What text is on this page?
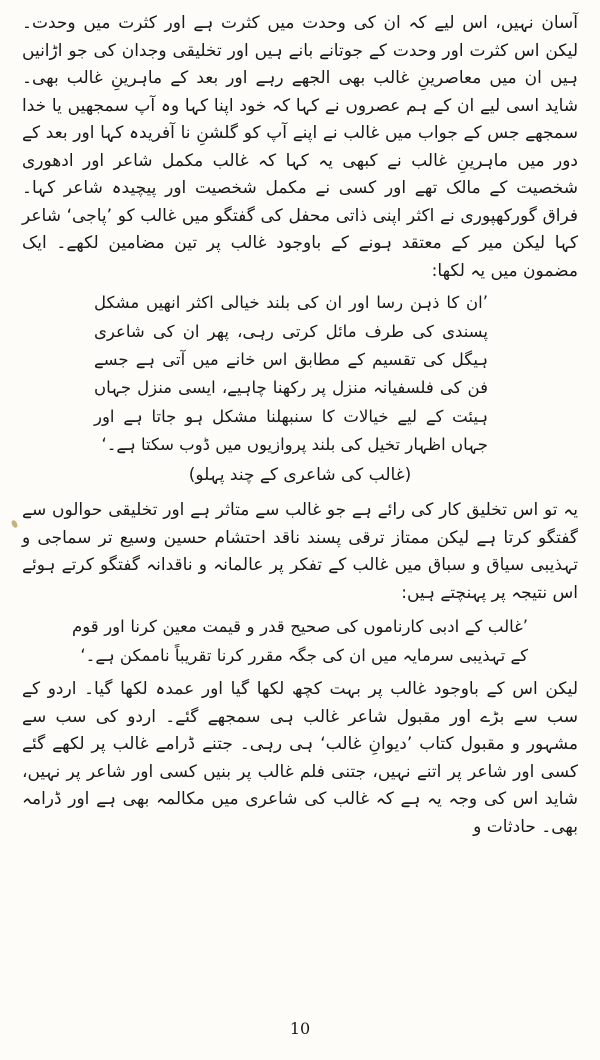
آسان نہیں، اس لیے کہ ان کی وحدت میں کثرت ہے اور کثرت میں وحدت۔ لیکن اس کثرت اور وحدت کے جوتانے بانے ہیں اور تخلیقی وجدان کی جو اڑانیں ہیں ان میں معاصرینِ غالب بھی الجھے رہے اور بعد کے ماہرینِ غالب بھی۔ شاید اسی لیے ان کے ہم عصروں نے کہا کہ خود اپنا کہا وہ آپ سمجھیں یا خدا سمجھے جس کے جواب میں غالب نے اپنے آپ کو گلشنِ نا آفریدہ کہا اور بعد کے دور میں ماہرینِ غالب نے کبھی یہ کہا کہ غالب مکمل شاعر اور ادھوری شخصیت کے مالک تھے اور کسی نے مکمل شخصیت اور پیچیدہ شاعر کہا۔ فراق گورکھپوری نے اکثر اپنی ذاتی محفل کی گفتگو میں غالب کو ’پاجی‘ شاعر کہا لیکن میر کے معتقد ہونے کے باوجود غالب پر تین مضامین لکھے۔ ایک مضمون میں یہ لکھا:

’ان کا ذہن رسا اور ان کی بلند خیالی اکثر انھیں مشکل پسندی کی طرف مائل کرتی رہی، پھر ان کی شاعری ہیگل کی تقسیم کے مطابق اس خانے میں آتی ہے جسے فن کی فلسفیانہ منزل پر رکھنا چاہیے، ایسی منزل جہاں ہیئت کے لیے خیالات کا سنبھلنا مشکل ہو جاتا ہے اور جہاں اظہار تخیل کی بلند پروازیوں میں ڈوب سکتا ہے۔‘

(غالب کی شاعری کے چند پہلو)

یہ تو اس تخلیق کار کی رائے ہے جو غالب سے متاثر ہے اور تخلیقی حوالوں سے گفتگو کرتا ہے لیکن ممتاز ترقی پسند ناقد احتشام حسین وسیع تر سماجی و تہذیبی سیاق و سباق میں غالب کے تفکر پر عالمانہ و ناقدانہ گفتگو کرتے ہوئے اس نتیجہ پر پہنچتے ہیں:

’غالب کے ادبی کارناموں کی صحیح قدر و قیمت معین کرنا اور قوم کے تہذیبی سرمایہ میں ان کی جگہ مقرر کرنا تقریباً ناممکن ہے۔‘

لیکن اس کے باوجود غالب پر بہت کچھ لکھا گیا اور عمدہ لکھا گیا۔ اردو کے سب سے بڑے اور مقبول شاعر غالب ہی سمجھے گئے۔ اردو کی سب سے مشہور و مقبول کتاب ’دیوانِ غالب‘ ہی رہی۔ جتنے ڈرامے غالب پر لکھے گئے کسی اور شاعر پر اتنے نہیں، جتنی فلم غالب پر بنیں کسی اور شاعر پر نہیں، شاید اس کی وجہ یہ ہے کہ غالب کی شاعری میں مکالمہ بھی ہے اور ڈرامہ بھی۔ حادثات و

10
